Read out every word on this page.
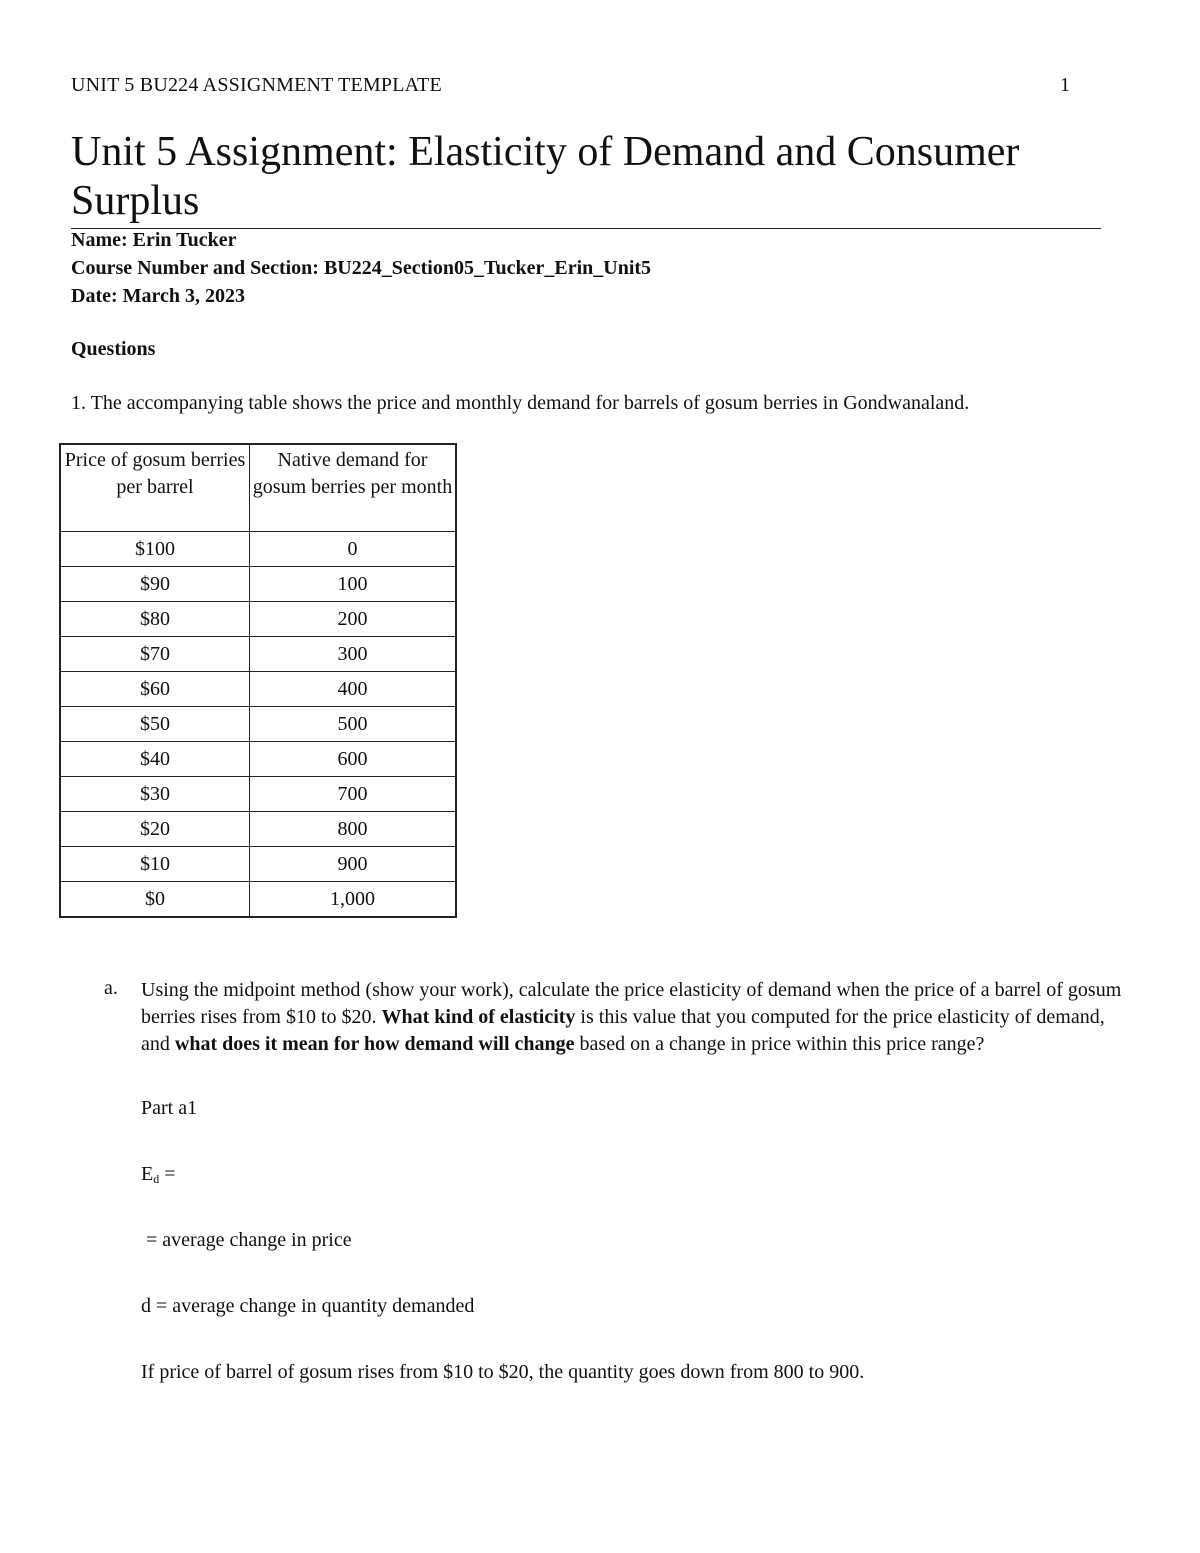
UNIT 5 BU224 ASSIGNMENT TEMPLATE	1
Unit 5 Assignment: Elasticity of Demand and Consumer Surplus
Name: Erin Tucker
Course Number and Section: BU224_Section05_Tucker_Erin_Unit5
Date: March 3, 2023
Questions
1. The accompanying table shows the price and monthly demand for barrels of gosum berries in Gondwanaland.
Price of gosum berries per barrel	Native demand for gosum berries per month
$100	0
$90	100
$80	200
$70	300
$60	400
$50	500
$40	600
$30	700
$20	800
$10	900
$0	1,000
a. Using the midpoint method (show your work), calculate the price elasticity of demand when the price of a barrel of gosum berries rises from $10 to $20. What kind of elasticity is this value that you computed for the price elasticity of demand, and what does it mean for how demand will change based on a change in price within this price range?
Part a1
$E_d$ =
= average change in price
d = average change in quantity demanded
If price of barrel of gosum rises from $10 to $20, the quantity goes down from 800 to 900.
